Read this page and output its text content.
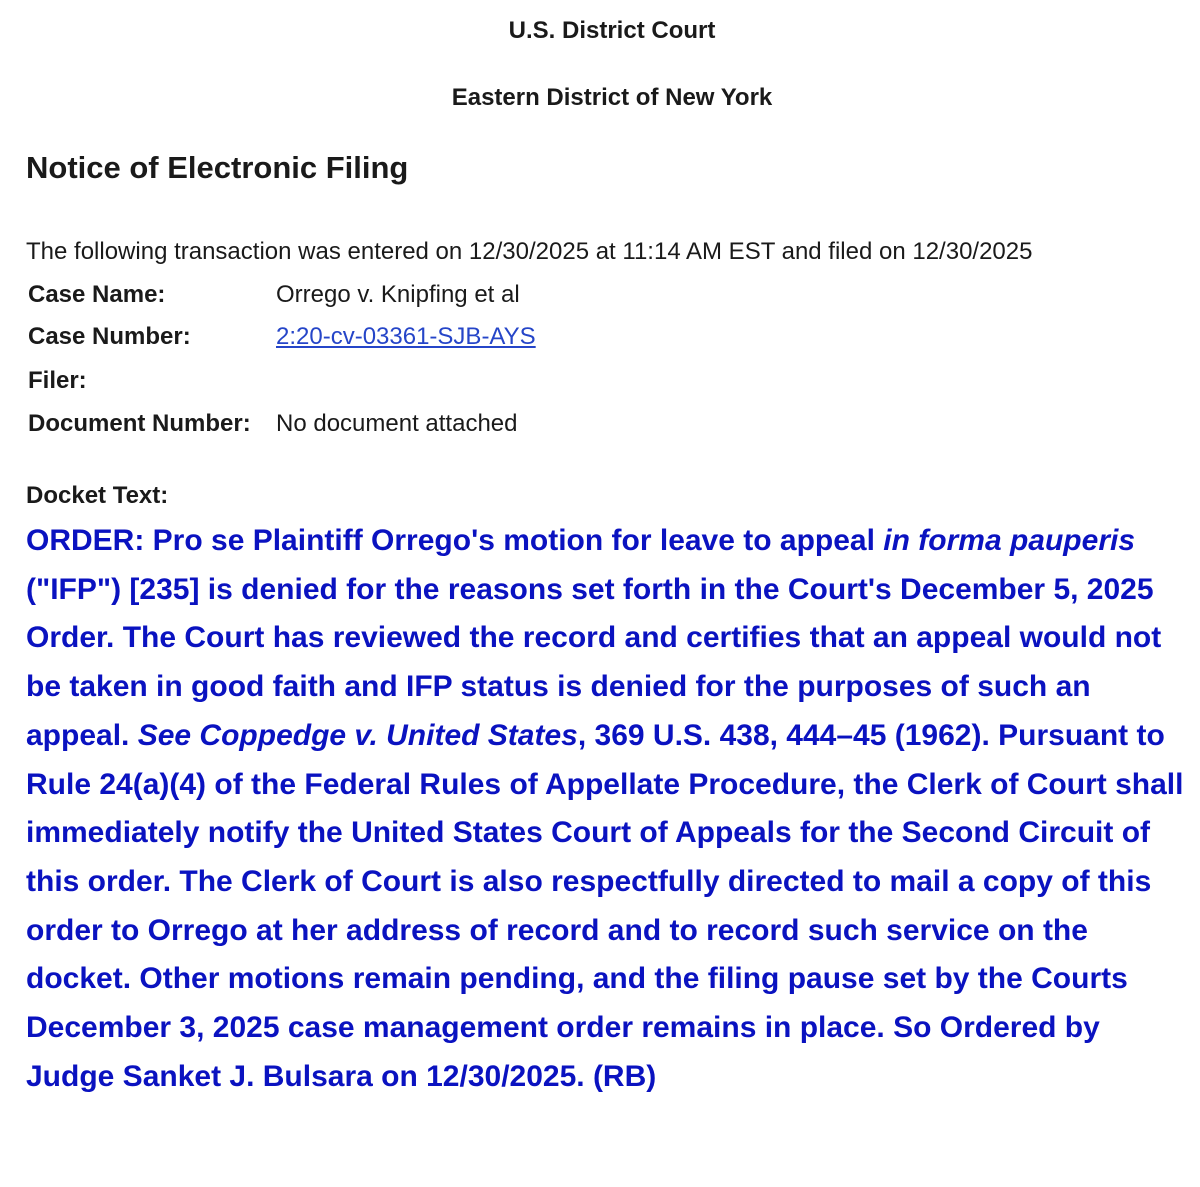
U.S. District Court
Eastern District of New York
Notice of Electronic Filing
The following transaction was entered on 12/30/2025 at 11:14 AM EST and filed on 12/30/2025
Case Name:	Orrego v. Knipfing et al
Case Number:	2:20-cv-03361-SJB-AYS
Filer:
Document Number: No document attached
Docket Text:

ORDER: Pro se Plaintiff Orrego's motion for leave to appeal in forma pauperis ("IFP") [235] is denied for the reasons set forth in the Court's December 5, 2025 Order. The Court has reviewed the record and certifies that an appeal would not be taken in good faith and IFP status is denied for the purposes of such an appeal. See Coppedge v. United States, 369 U.S. 438, 444–45 (1962). Pursuant to Rule 24(a)(4) of the Federal Rules of Appellate Procedure, the Clerk of Court shall immediately notify the United States Court of Appeals for the Second Circuit of this order. The Clerk of Court is also respectfully directed to mail a copy of this order to Orrego at her address of record and to record such service on the docket. Other motions remain pending, and the filing pause set by the Courts December 3, 2025 case management order remains in place. So Ordered by Judge Sanket J. Bulsara on 12/30/2025. (RB)
